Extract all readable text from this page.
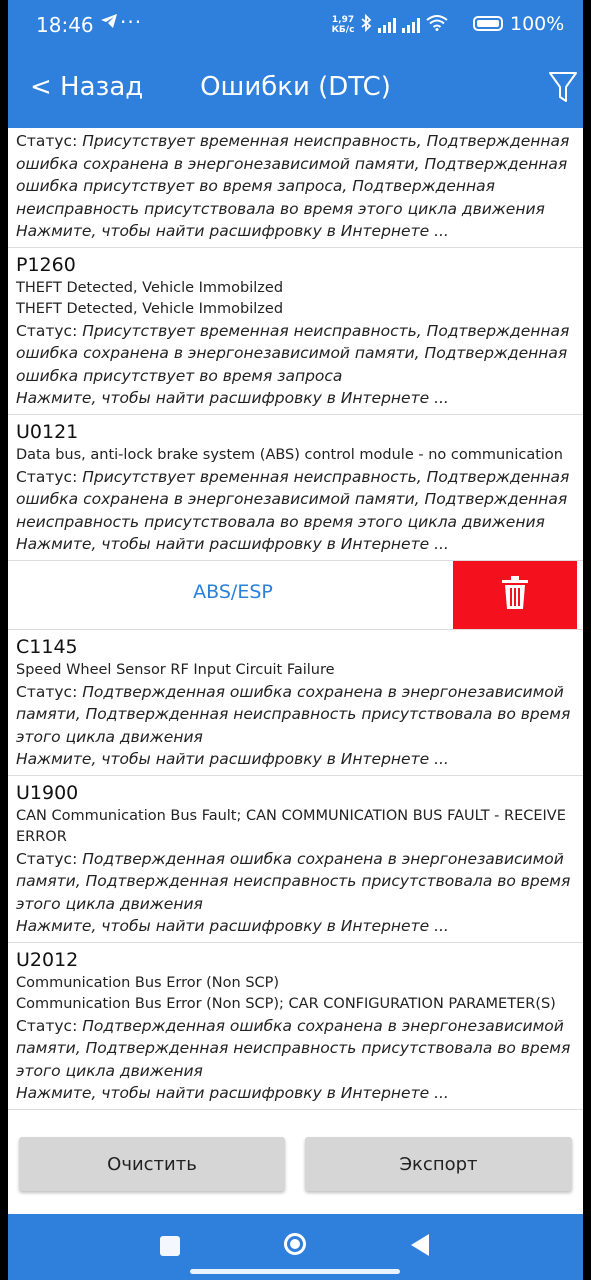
18:46 ···	1,97
КБ/с	100%
< Назад	Ошибки (DTC)
Статус: Присутствует временная неисправность, Подтвержденная ошибка сохранена в энергонезависимой памяти, Подтвержденная ошибка присутствует во время запроса, Подтвержденная неисправность присутствовала во время этого цикла движения
Нажмите, чтобы найти расшифровку в Интернете ...
P1260
THEFT Detected, Vehicle Immobilzed
THEFT Detected, Vehicle Immobilzed
Статус: Присутствует временная неисправность, Подтвержденная ошибка сохранена в энергонезависимой памяти, Подтвержденная ошибка присутствует во время запроса
Нажмите, чтобы найти расшифровку в Интернете ...
U0121
Data bus, anti-lock brake system (ABS) control module - no communication
Статус: Присутствует временная неисправность, Подтвержденная ошибка сохранена в энергонезависимой памяти, Подтвержденная неисправность присутствовала во время этого цикла движения
Нажмите, чтобы найти расшифровку в Интернете ...
ABS/ESP
C1145
Speed Wheel Sensor RF Input Circuit Failure
Статус: Подтвержденная ошибка сохранена в энергонезависимой памяти, Подтвержденная неисправность присутствовала во время этого цикла движения
Нажмите, чтобы найти расшифровку в Интернете ...
U1900
CAN Communication Bus Fault; CAN COMMUNICATION BUS FAULT - RECEIVE ERROR
Статус: Подтвержденная ошибка сохранена в энергонезависимой памяти, Подтвержденная неисправность присутствовала во время этого цикла движения
Нажмите, чтобы найти расшифровку в Интернете ...
U2012
Communication Bus Error (Non SCP)
Communication Bus Error (Non SCP); CAR CONFIGURATION PARAMETER(S)
Статус: Подтвержденная ошибка сохранена в энергонезависимой памяти, Подтвержденная неисправность присутствовала во время этого цикла движения
Нажмите, чтобы найти расшифровку в Интернете ...
Очистить	Экспорт
